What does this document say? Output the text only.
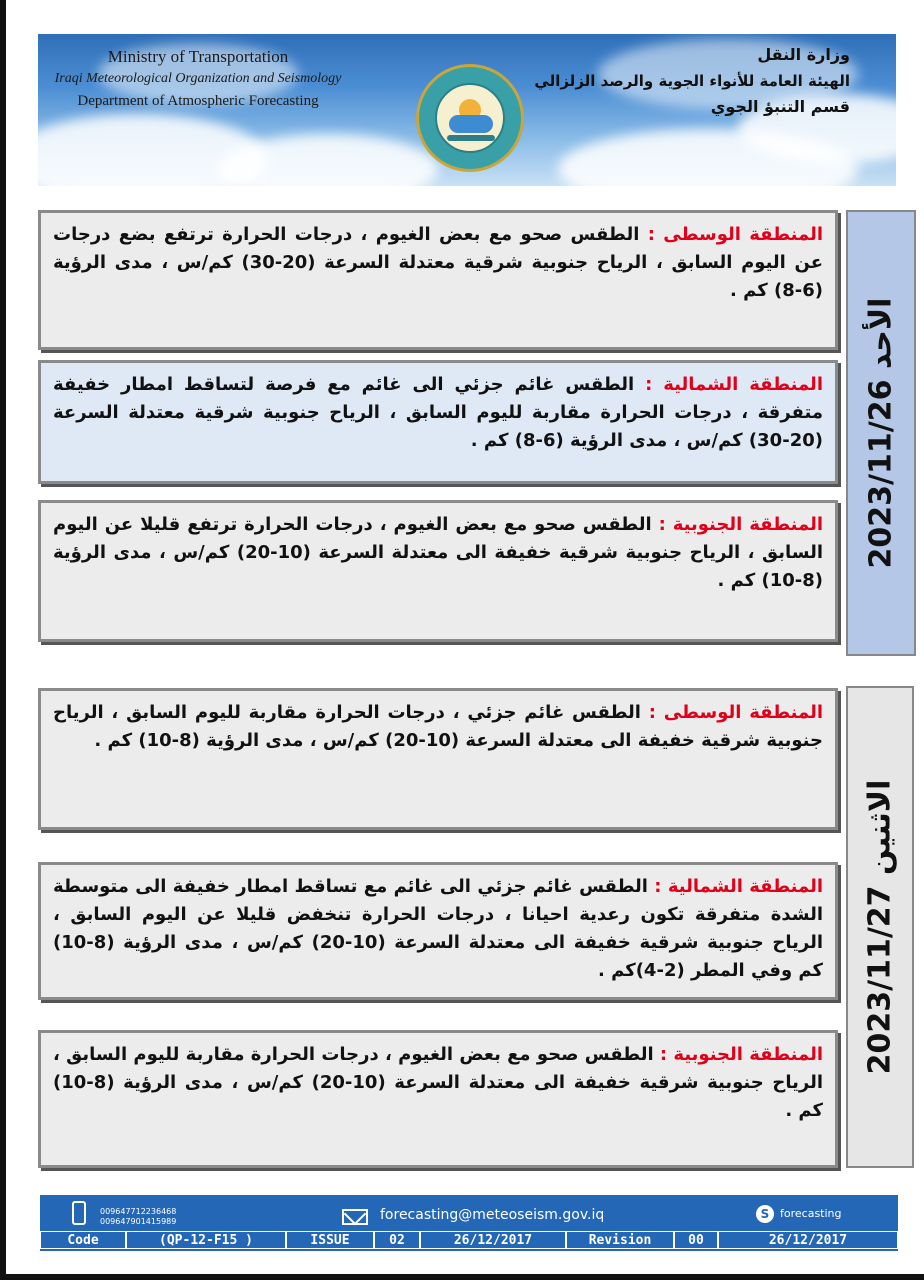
Ministry of Transportation
Iraqi Meteorological Organization and Seismology
Department of Atmospheric Forecasting
وزارة النقل
الهيئة العامة للأنواء الجوية والرصد الزلزالي
قسم التنبؤ الجوي
الأحد 2023/11/26
المنطقة الوسطى : الطقس صحو مع بعض الغيوم ، درجات الحرارة ترتفع بضع درجات عن اليوم السابق ، الرياح جنوبية شرقية معتدلة السرعة (20-30) كم/س ، مدى الرؤية (6-8) كم .
المنطقة الشمالية : الطقس غائم جزئي الى غائم مع فرصة لتساقط امطار خفيفة متفرقة ، درجات الحرارة مقاربة لليوم السابق ، الرياح جنوبية شرقية معتدلة السرعة (20-30) كم/س ، مدى الرؤية (6-8) كم .
المنطقة الجنوبية : الطقس صحو مع بعض الغيوم ، درجات الحرارة ترتفع قليلا عن اليوم السابق ، الرياح جنوبية شرقية خفيفة الى معتدلة السرعة (10-20) كم/س ، مدى الرؤية (8-10) كم .
الاثنين 2023/11/27
المنطقة الوسطى : الطقس غائم جزئي ، درجات الحرارة مقاربة لليوم السابق ، الرياح جنوبية شرقية خفيفة الى معتدلة السرعة (10-20) كم/س ، مدى الرؤية (8-10) كم .
المنطقة الشمالية : الطقس غائم جزئي الى غائم مع تساقط امطار خفيفة الى متوسطة الشدة متفرقة تكون رعدية احيانا ، درجات الحرارة تنخفض قليلا عن اليوم السابق ، الرياح جنوبية شرقية خفيفة الى معتدلة السرعة (10-20) كم/س ، مدى الرؤية (8-10) كم وفي المطر (2-4)كم .
المنطقة الجنوبية : الطقس صحو مع بعض الغيوم ، درجات الحرارة مقاربة لليوم السابق ، الرياح جنوبية شرقية خفيفة الى معتدلة السرعة (10-20) كم/س ، مدى الرؤية (8-10) كم .
009647712236468
009647901415989	forecasting@meteoseism.gov.iq	S forecasting
Code	(QP-12-F15 )	ISSUE	02	26/12/2017	Revision	00	26/12/2017
